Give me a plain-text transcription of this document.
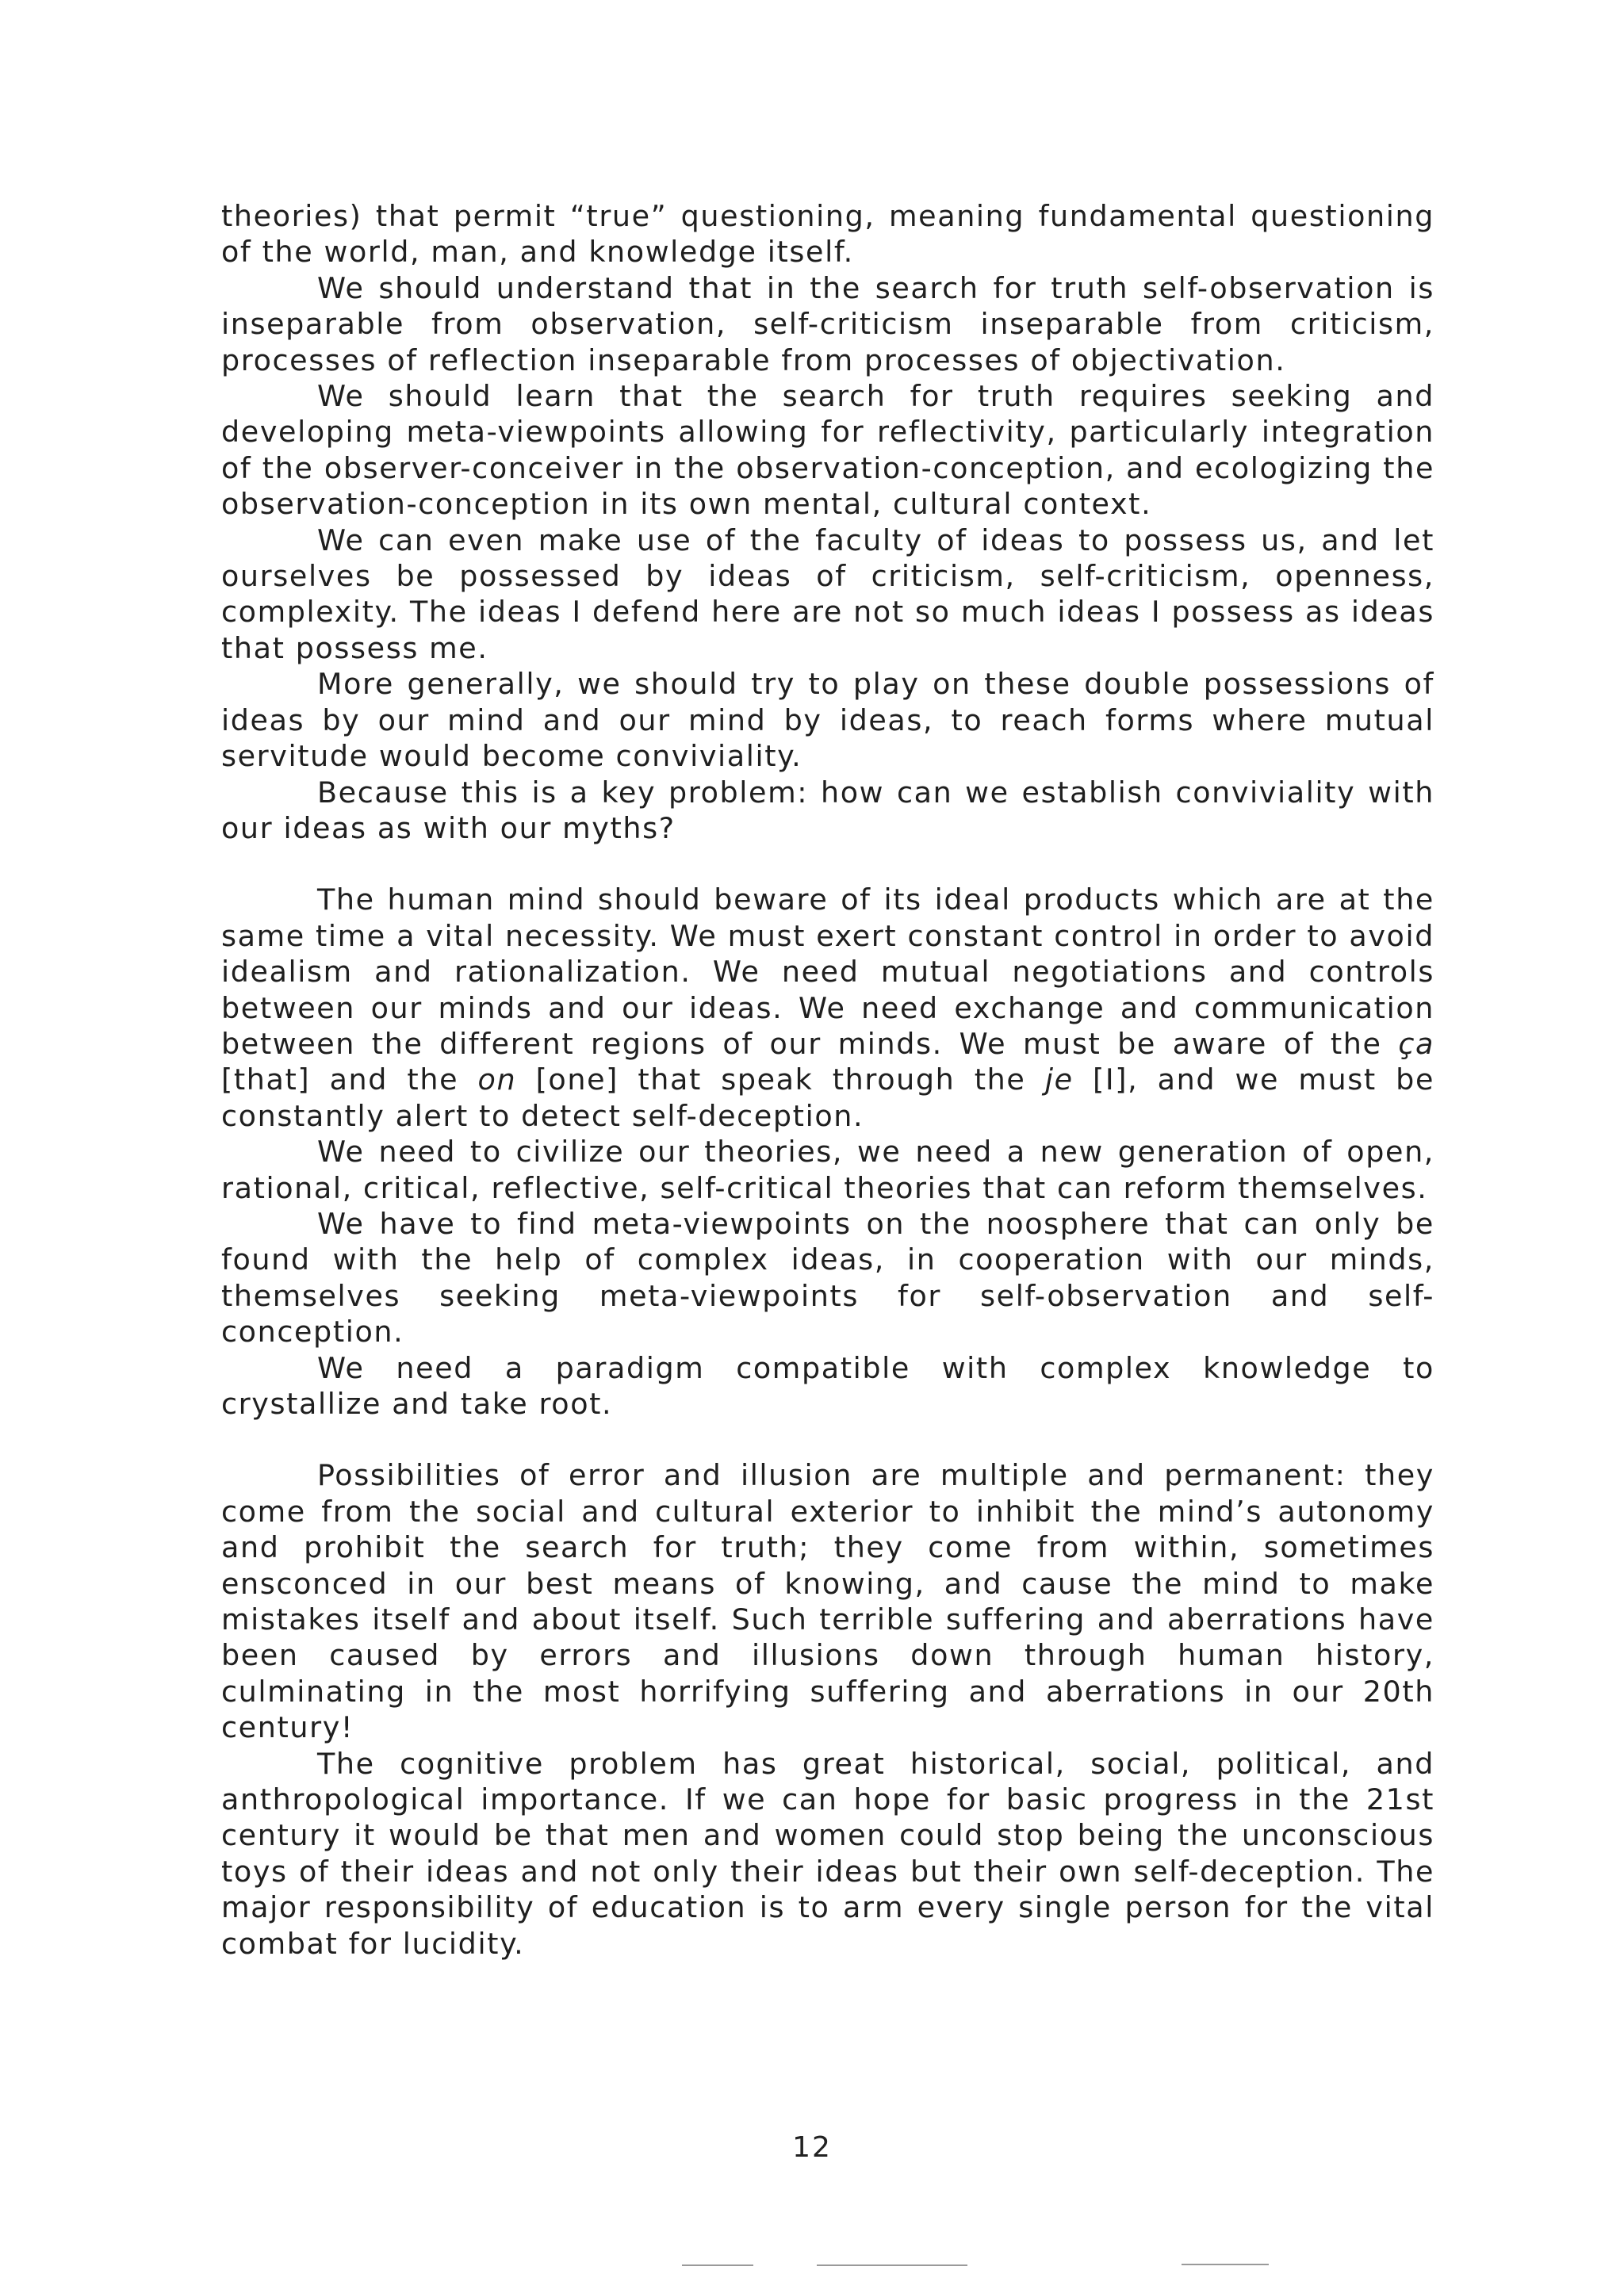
theories) that permit “true” questioning, meaning fundamental questioning of the world, man, and knowledge itself.

We should understand that in the search for truth self-observation is inseparable from observation, self-criticism inseparable from criticism, processes of reflection inseparable from processes of objectivation.

We should learn that the search for truth requires seeking and developing meta-viewpoints allowing for reflectivity, particularly integration of the observer-conceiver in the observation-conception, and ecologizing the observation-conception in its own mental, cultural context.

We can even make use of the faculty of ideas to possess us, and let ourselves be possessed by ideas of criticism, self-criticism, openness, complexity. The ideas I defend here are not so much ideas I possess as ideas that possess me.

More generally, we should try to play on these double possessions of ideas by our mind and our mind by ideas, to reach forms where mutual servitude would become conviviality.

Because this is a key problem: how can we establish conviviality with our ideas as with our myths?

The human mind should beware of its ideal products which are at the same time a vital necessity. We must exert constant control in order to avoid idealism and rationalization. We need mutual negotiations and controls between our minds and our ideas. We need exchange and communication between the different regions of our minds. We must be aware of the ça [that] and the on [one] that speak through the je [I], and we must be constantly alert to detect self-deception.

We need to civilize our theories, we need a new generation of open, rational, critical, reflective, self-critical theories that can reform themselves.

We have to find meta-viewpoints on the noosphere that can only be found with the help of complex ideas, in cooperation with our minds, themselves seeking meta-viewpoints for self-observation and self-conception.

We need a paradigm compatible with complex knowledge to crystallize and take root.

Possibilities of error and illusion are multiple and permanent: they come from the social and cultural exterior to inhibit the mind’s autonomy and prohibit the search for truth; they come from within, sometimes ensconced in our best means of knowing, and cause the mind to make mistakes itself and about itself. Such terrible suffering and aberrations have been caused by errors and illusions down through human history, culminating in the most horrifying suffering and aberrations in our 20th century!

The cognitive problem has great historical, social, political, and anthropological importance. If we can hope for basic progress in the 21st century it would be that men and women could stop being the unconscious toys of their ideas and not only their ideas but their own self-deception. The major responsibility of education is to arm every single person for the vital combat for lucidity.

12
